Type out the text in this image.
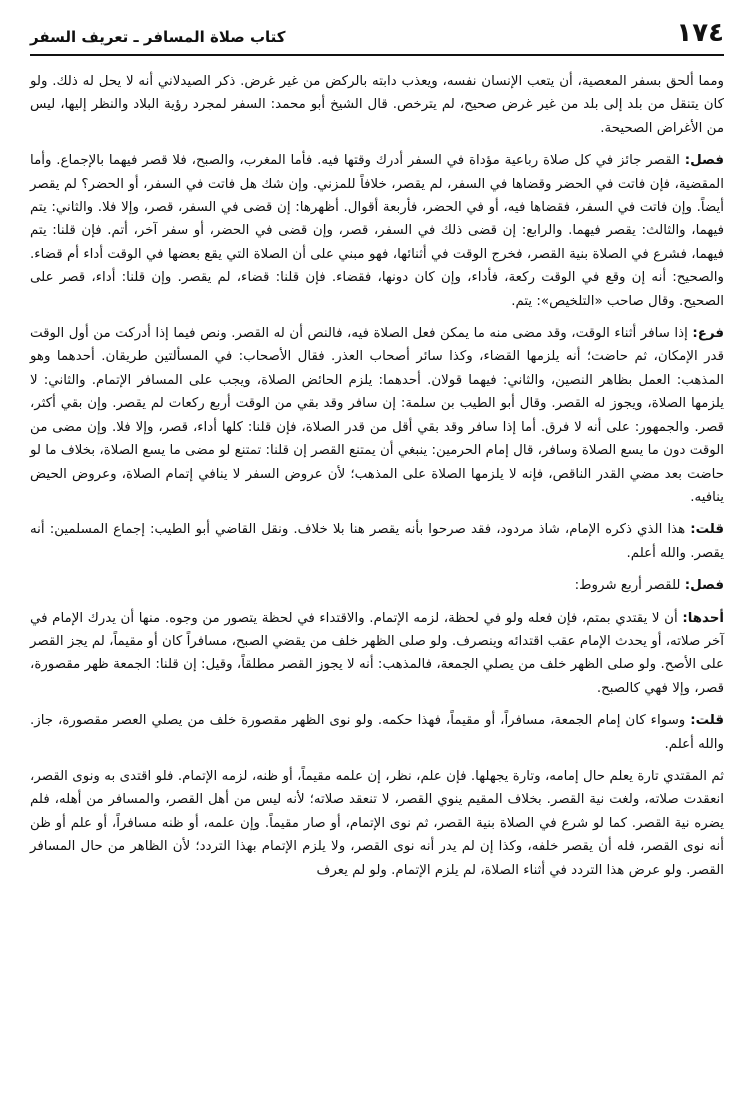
١٧٤
كتاب صلاة المسافر ـ تعريف السفر

ومما ألحق بسفر المعصية، أن يتعب الإنسان نفسه، ويعذب دابته بالركض من غير غرض. ذكر الصيدلاني أنه لا يحل له ذلك. ولو كان يتنقل من بلد إلى بلد من غير غرض صحيح، لم يترخص. قال الشيخ أبو محمد: السفر لمجرد رؤية البلاد والنظر إليها، ليس من الأغراض الصحيحة.

فصل: القصر جائز في كل صلاة رباعية مؤداة في السفر أدرك وقتها فيه. فأما المغرب، والصبح، فلا قصر فيهما بالإجماع. وأما المقضية، فإن فاتت في الحضر وقضاها في السفر، لم يقصر، خلافاً للمزني. وإن شك هل فاتت في السفر، أو الحضر؟ لم يقصر أيضاً. وإن فاتت في السفر، فقضاها فيه، أو في الحضر، فأربعة أقوال. أظهرها: إن قضى في السفر، قصر، وإلا فلا. والثاني: يتم فيهما، والثالث: يقصر فيهما. والرابع: إن قضى ذلك في السفر، قصر، وإن قضى في الحضر، أو سفر آخر، أتم. فإن قلنا: يتم فيهما، فشرع في الصلاة بنية القصر، فخرج الوقت في أثنائها، فهو مبني على أن الصلاة التي يقع بعضها في الوقت أداء أم قضاء. والصحيح: أنه إن وقع في الوقت ركعة، فأداء، وإن كان دونها، فقضاء. فإن قلنا: قضاء، لم يقصر. وإن قلنا: أداء، قصر على الصحيح. وقال صاحب «التلخيص»: يتم.

فرع: إذا سافر أثناء الوقت، وقد مضى منه ما يمكن فعل الصلاة فيه، فالنص أن له القصر. ونص فيما إذا أدركت من أول الوقت قدر الإمكان، ثم حاضت؛ أنه يلزمها القضاء، وكذا سائر أصحاب العذر. فقال الأصحاب: في المسألتين طريقان. أحدهما وهو المذهب: العمل بظاهر النصين، والثاني: فيهما قولان. أحدهما: يلزم الحائض الصلاة، ويجب على المسافر الإتمام. والثاني: لا يلزمها الصلاة، ويجوز له القصر. وقال أبو الطيب بن سلمة: إن سافر وقد بقي من الوقت أربع ركعات لم يقصر. وإن بقي أكثر، قصر. والجمهور: على أنه لا فرق. أما إذا سافر وقد بقي أقل من قدر الصلاة، فإن قلنا: كلها أداء، قصر، وإلا فلا. وإن مضى من الوقت دون ما يسع الصلاة وسافر، قال إمام الحرمين: ينبغي أن يمتنع القصر إن قلنا: تمتنع لو مضى ما يسع الصلاة، بخلاف ما لو حاضت بعد مضي القدر الناقص، فإنه لا يلزمها الصلاة على المذهب؛ لأن عروض السفر لا ينافي إتمام الصلاة، وعروض الحيض ينافيه.

قلت: هذا الذي ذكره الإمام، شاذ مردود، فقد صرحوا بأنه يقصر هنا بلا خلاف. ونقل القاضي أبو الطيب: إجماع المسلمين: أنه يقصر. والله أعلم.

فصل: للقصر أربع شروط:

أحدها: أن لا يقتدي بمتم، فإن فعله ولو في لحظة، لزمه الإتمام. والاقتداء في لحظة يتصور من وجوه. منها أن يدرك الإمام في آخر صلاته، أو يحدث الإمام عقب اقتدائه وينصرف. ولو صلى الظهر خلف من يقضي الصبح، مسافراً كان أو مقيماً، لم يجز القصر على الأصح. ولو صلى الظهر خلف من يصلي الجمعة، فالمذهب: أنه لا يجوز القصر مطلقاً، وقيل: إن قلنا: الجمعة ظهر مقصورة، قصر، وإلا فهي كالصبح.

قلت: وسواء كان إمام الجمعة، مسافراً، أو مقيماً، فهذا حكمه. ولو نوى الظهر مقصورة خلف من يصلي العصر مقصورة، جاز. والله أعلم.

ثم المقتدي تارة يعلم حال إمامه، وتارة يجهلها. فإن علم، نظر، إن علمه مقيماً، أو ظنه، لزمه الإتمام. فلو اقتدى به ونوى القصر، انعقدت صلاته، ولغت نية القصر. بخلاف المقيم ينوي القصر، لا تنعقد صلاته؛ لأنه ليس من أهل القصر، والمسافر من أهله، فلم يضره نية القصر. كما لو شرع في الصلاة بنية القصر، ثم نوى الإتمام، أو صار مقيماً. وإن علمه، أو ظنه مسافراً، أو علم أو ظن أنه نوى القصر، فله أن يقصر خلفه، وكذا إن لم يدر أنه نوى القصر، ولا يلزم الإتمام بهذا التردد؛ لأن الظاهر من حال المسافر القصر. ولو عرض هذا التردد في أثناء الصلاة، لم يلزم الإتمام. ولو لم يعرف
